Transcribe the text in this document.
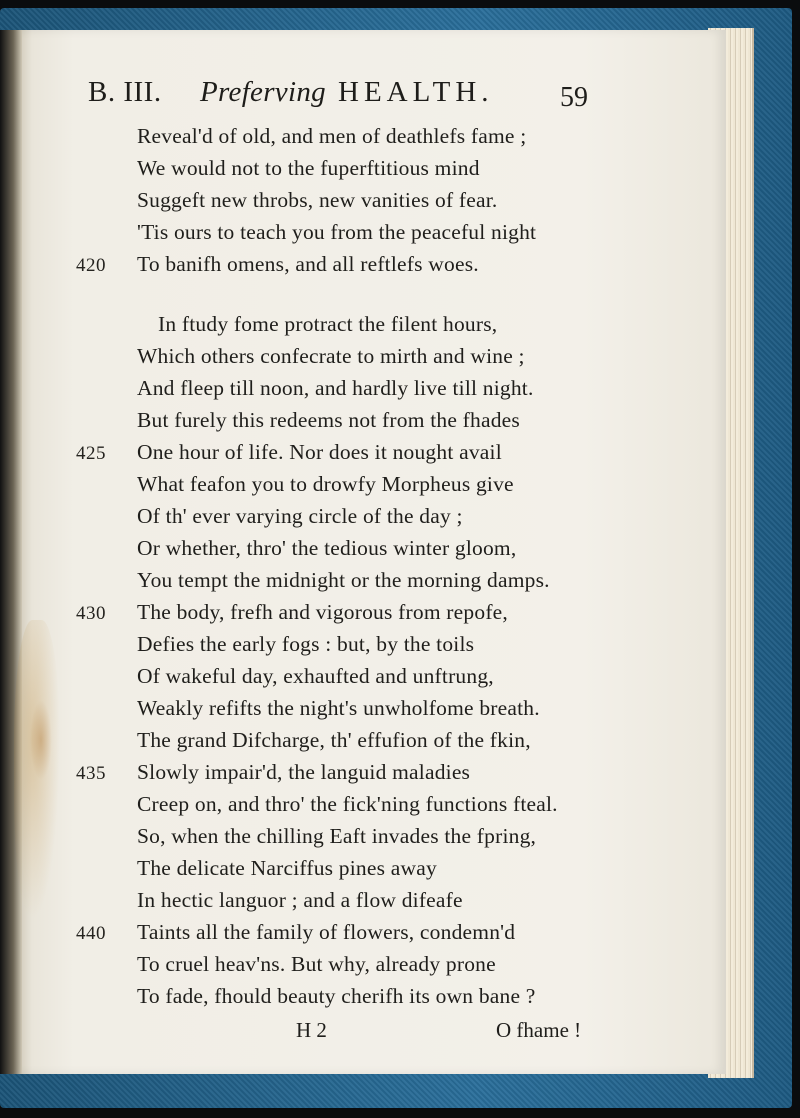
B. III. Preferving HEALTH. 59
Reveal'd of old, and men of deathlefs fame ;
We would not to the fuperftitious mind
Suggeft new throbs, new vanities of fear.
'Tis ours to teach you from the peaceful night
To banifh omens, and all reftlefs woes.
420
In ftudy fome protract the filent hours,
Which others confecrate to mirth and wine ;
And fleep till noon, and hardly live till night.
But furely this redeems not from the fhades
One hour of life. Nor does it nought avail
425
What feafon you to drowfy Morpheus give
Of th' ever varying circle of the day ;
Or whether, thro' the tedious winter gloom,
You tempt the midnight or the morning damps.
The body, frefh and vigorous from repofe,
430
Defies the early fogs : but, by the toils
Of wakeful day, exhaufted and unftrung,
Weakly refifts the night's unwholfome breath.
The grand Difcharge, th' effufion of the fkin,
Slowly impair'd, the languid maladies
435
Creep on, and thro' the fick'ning functions fteal.
So, when the chilling Eaft invades the fpring,
The delicate Narciffus pines away
In hectic languor ; and a flow difeafe
Taints all the family of flowers, condemn'd
440
To cruel heav'ns. But why, already prone
To fade, fhould beauty cherifh its own bane ?
H 2	O fhame !
